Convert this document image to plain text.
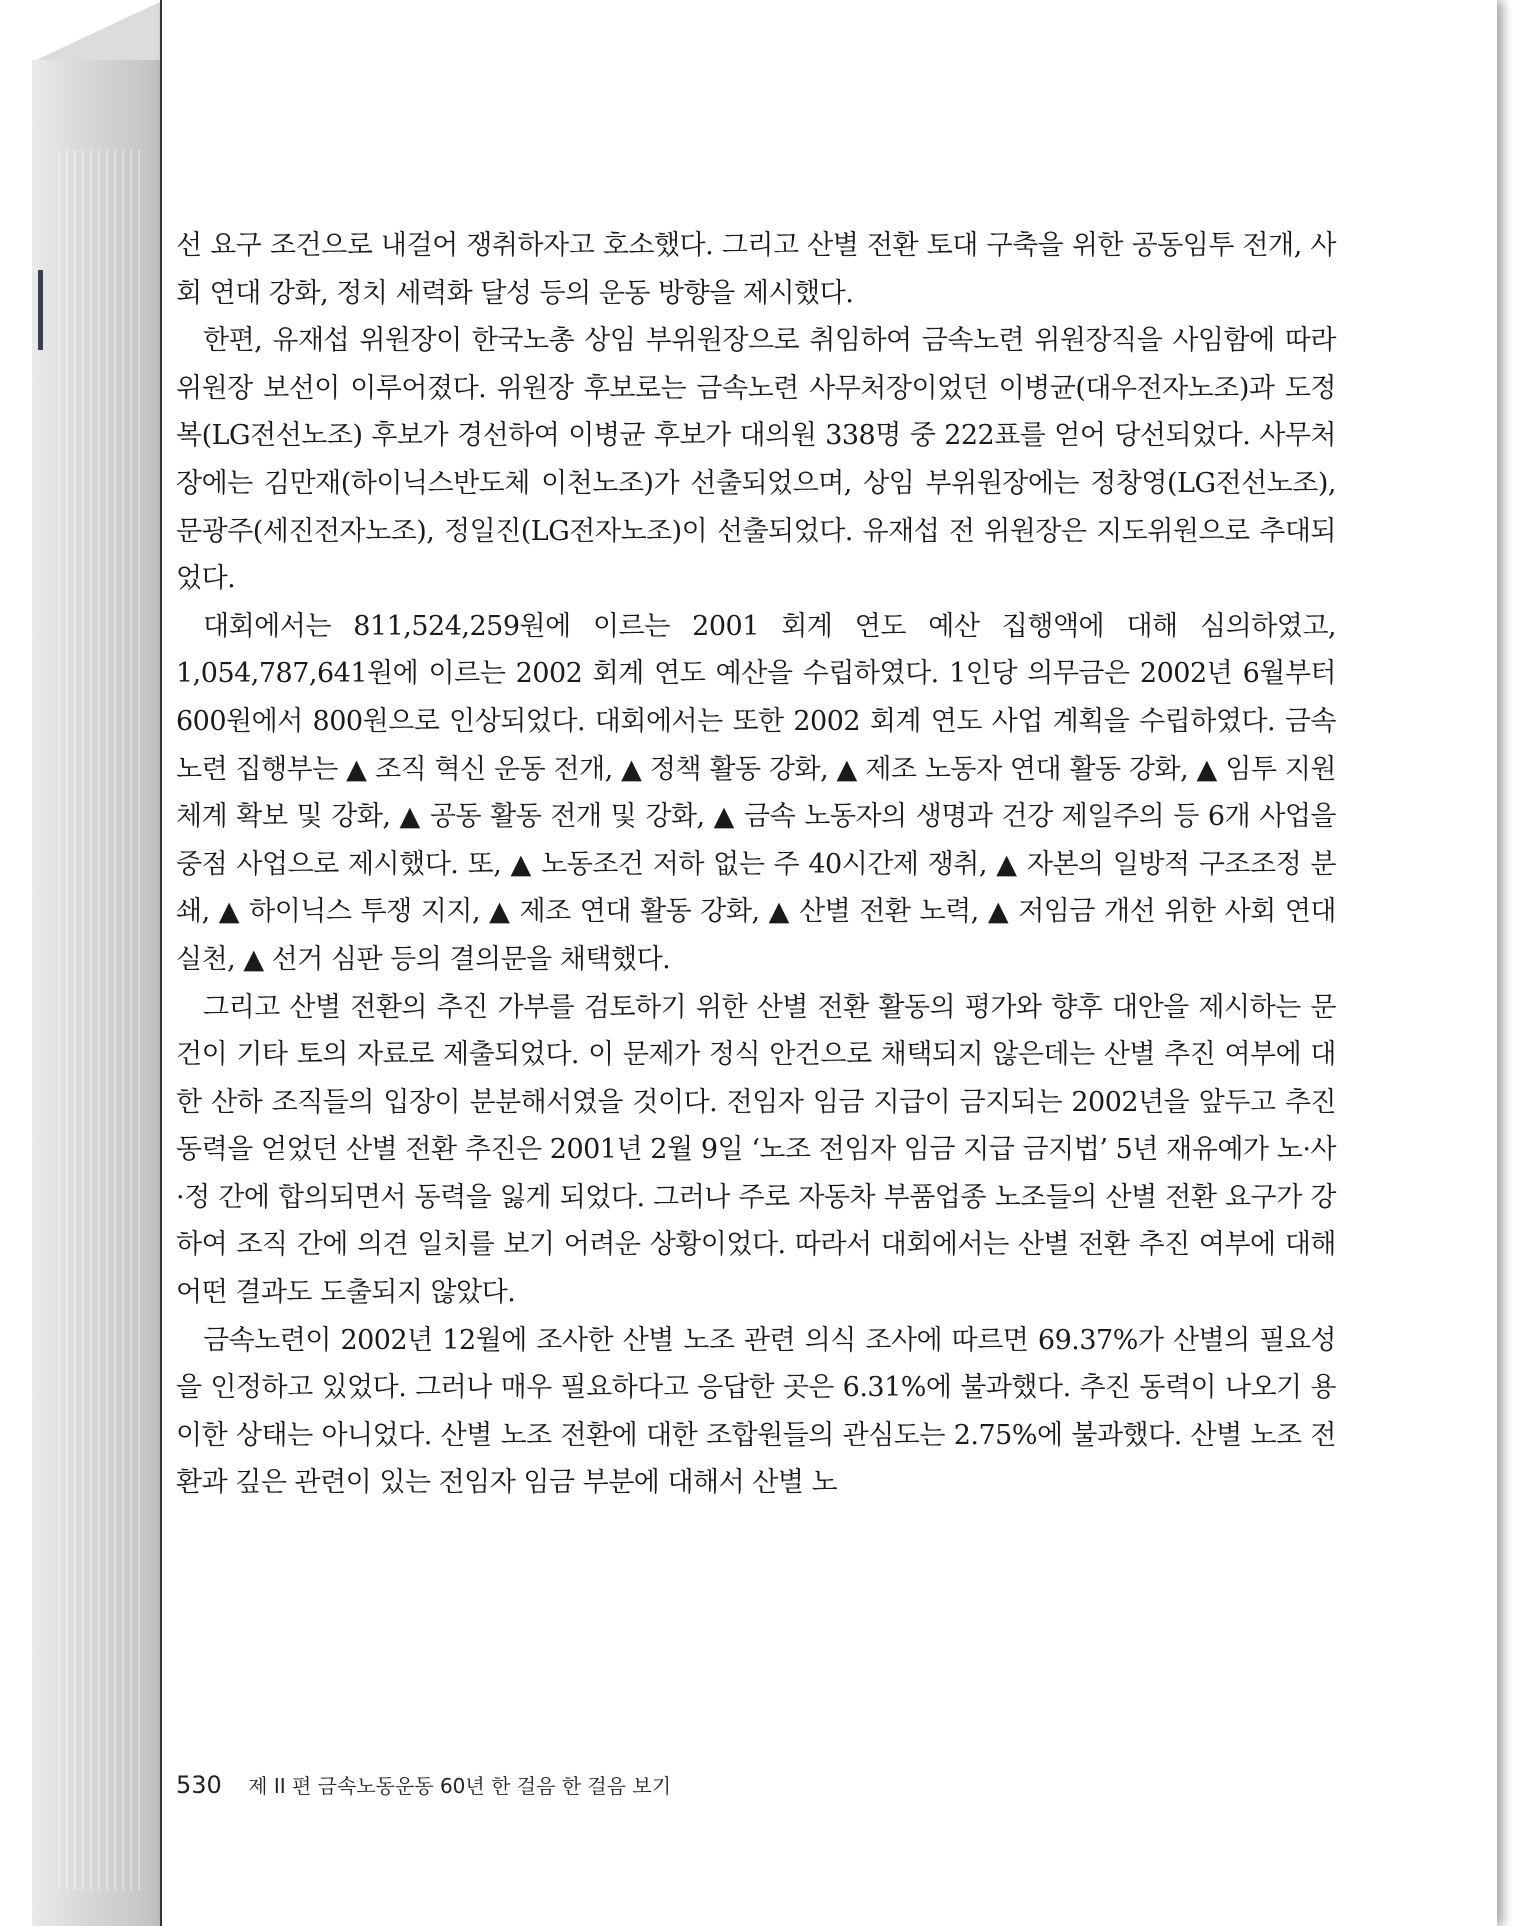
선 요구 조건으로 내걸어 쟁취하자고 호소했다. 그리고 산별 전환 토대 구축을 위한 공동임투 전개, 사회 연대 강화, 정치 세력화 달성 등의 운동 방향을 제시했다.

한편, 유재섭 위원장이 한국노총 상임 부위원장으로 취임하여 금속노련 위원장직을 사임함에 따라 위원장 보선이 이루어졌다. 위원장 후보로는 금속노련 사무처장이었던 이병균(대우전자노조)과 도정복(LG전선노조) 후보가 경선하여 이병균 후보가 대의원 338명 중 222표를 얻어 당선되었다. 사무처장에는 김만재(하이닉스반도체 이천노조)가 선출되었으며, 상임 부위원장에는 정창영(LG전선노조), 문광주(세진전자노조), 정일진(LG전자노조)이 선출되었다. 유재섭 전 위원장은 지도위원으로 추대되었다.

대회에서는 811,524,259원에 이르는 2001 회계 연도 예산 집행액에 대해 심의하였고, 1,054,787,641원에 이르는 2002 회계 연도 예산을 수립하였다. 1인당 의무금은 2002년 6월부터 600원에서 800원으로 인상되었다. 대회에서는 또한 2002 회계 연도 사업 계획을 수립하였다. 금속노련 집행부는 ▲ 조직 혁신 운동 전개, ▲ 정책 활동 강화, ▲ 제조 노동자 연대 활동 강화, ▲ 임투 지원 체계 확보 및 강화, ▲ 공동 활동 전개 및 강화, ▲ 금속 노동자의 생명과 건강 제일주의 등 6개 사업을 중점 사업으로 제시했다. 또, ▲ 노동조건 저하 없는 주 40시간제 쟁취, ▲ 자본의 일방적 구조조정 분쇄, ▲ 하이닉스 투쟁 지지, ▲ 제조 연대 활동 강화, ▲ 산별 전환 노력, ▲ 저임금 개선 위한 사회 연대 실천, ▲ 선거 심판 등의 결의문을 채택했다.

그리고 산별 전환의 추진 가부를 검토하기 위한 산별 전환 활동의 평가와 향후 대안을 제시하는 문건이 기타 토의 자료로 제출되었다. 이 문제가 정식 안건으로 채택되지 않은데는 산별 추진 여부에 대한 산하 조직들의 입장이 분분해서였을 것이다. 전임자 임금 지급이 금지되는 2002년을 앞두고 추진 동력을 얻었던 산별 전환 추진은 2001년 2월 9일 ‘노조 전임자 임금 지급 금지법’ 5년 재유예가 노·사·정 간에 합의되면서 동력을 잃게 되었다. 그러나 주로 자동차 부품업종 노조들의 산별 전환 요구가 강하여 조직 간에 의견 일치를 보기 어려운 상황이었다. 따라서 대회에서는 산별 전환 추진 여부에 대해 어떤 결과도 도출되지 않았다.

금속노련이 2002년 12월에 조사한 산별 노조 관련 의식 조사에 따르면 69.37%가 산별의 필요성을 인정하고 있었다. 그러나 매우 필요하다고 응답한 곳은 6.31%에 불과했다. 추진 동력이 나오기 용이한 상태는 아니었다. 산별 노조 전환에 대한 조합원들의 관심도는 2.75%에 불과했다. 산별 노조 전환과 깊은 관련이 있는 전임자 임금 부분에 대해서 산별 노

530 제 II 편 금속노동운동 60년 한 걸음 한 걸음 보기
